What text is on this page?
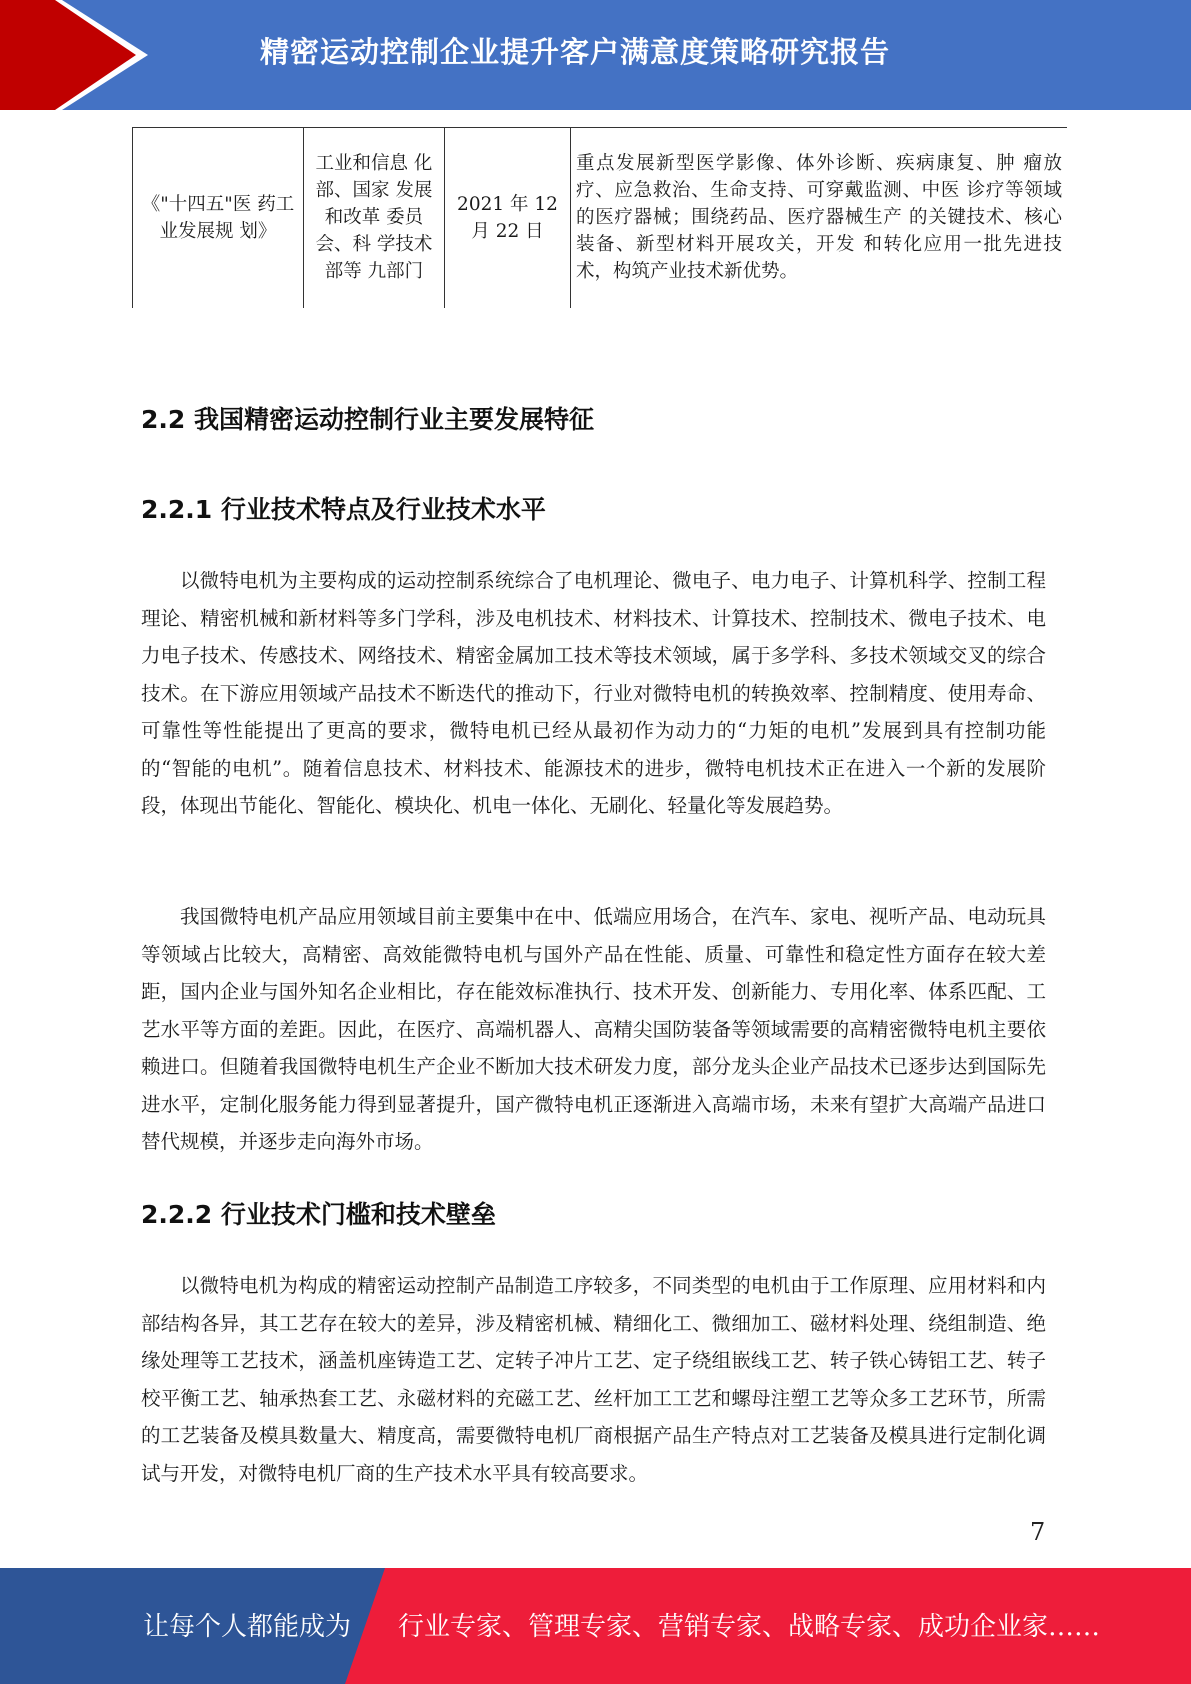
精密运动控制企业提升客户满意度策略研究报告
《"十四五"医 药工业发展规 划》	工业和信息 化部、国家 发展和改革 委员会、科 学技术部等 九部门	2021 年 12 月 22 日	重点发展新型医学影像、体外诊断、疾病康复、肿 瘤放疗、应急救治、生命支持、可穿戴监测、中医 诊疗等领域的医疗器械；围绕药品、医疗器械生产 的关键技术、核心装备、新型材料开展攻关，开发 和转化应用一批先进技术，构筑产业技术新优势。
2.2 我国精密运动控制行业主要发展特征
2.2.1 行业技术特点及行业技术水平

以微特电机为主要构成的运动控制系统综合了电机理论、微电子、电力电子、计算机科学、控制工程理论、精密机械和新材料等多门学科，涉及电机技术、材料技术、计算技术、控制技术、微电子技术、电力电子技术、传感技术、网络技术、精密金属加工技术等技术领域，属于多学科、多技术领域交叉的综合技术。在下游应用领域产品技术不断迭代的推动下，行业对微特电机的转换效率、控制精度、使用寿命、可靠性等性能提出了更高的要求，微特电机已经从最初作为动力的“力矩的电机”发展到具有控制功能的“智能的电机”。随着信息技术、材料技术、能源技术的进步，微特电机技术正在进入一个新的发展阶段，体现出节能化、智能化、模块化、机电一体化、无刷化、轻量化等发展趋势。

我国微特电机产品应用领域目前主要集中在中、低端应用场合，在汽车、家电、视听产品、电动玩具等领域占比较大，高精密、高效能微特电机与国外产品在性能、质量、可靠性和稳定性方面存在较大差距，国内企业与国外知名企业相比，存在能效标准执行、技术开发、创新能力、专用化率、体系匹配、工艺水平等方面的差距。因此，在医疗、高端机器人、高精尖国防装备等领域需要的高精密微特电机主要依赖进口。但随着我国微特电机生产企业不断加大技术研发力度，部分龙头企业产品技术已逐步达到国际先进水平，定制化服务能力得到显著提升，国产微特电机正逐渐进入高端市场，未来有望扩大高端产品进口替代规模，并逐步走向海外市场。

2.2.2 行业技术门槛和技术壁垒

以微特电机为构成的精密运动控制产品制造工序较多，不同类型的电机由于工作原理、应用材料和内部结构各异，其工艺存在较大的差异，涉及精密机械、精细化工、微细加工、磁材料处理、绕组制造、绝缘处理等工艺技术，涵盖机座铸造工艺、定转子冲片工艺、定子绕组嵌线工艺、转子铁心铸铝工艺、转子校平衡工艺、轴承热套工艺、永磁材料的充磁工艺、丝杆加工工艺和螺母注塑工艺等众多工艺环节，所需的工艺装备及模具数量大、精度高，需要微特电机厂商根据产品生产特点对工艺装备及模具进行定制化调试与开发，对微特电机厂商的生产技术水平具有较高要求。

7
让每个人都能成为 行业专家、管理专家、营销专家、战略专家、成功企业家……
